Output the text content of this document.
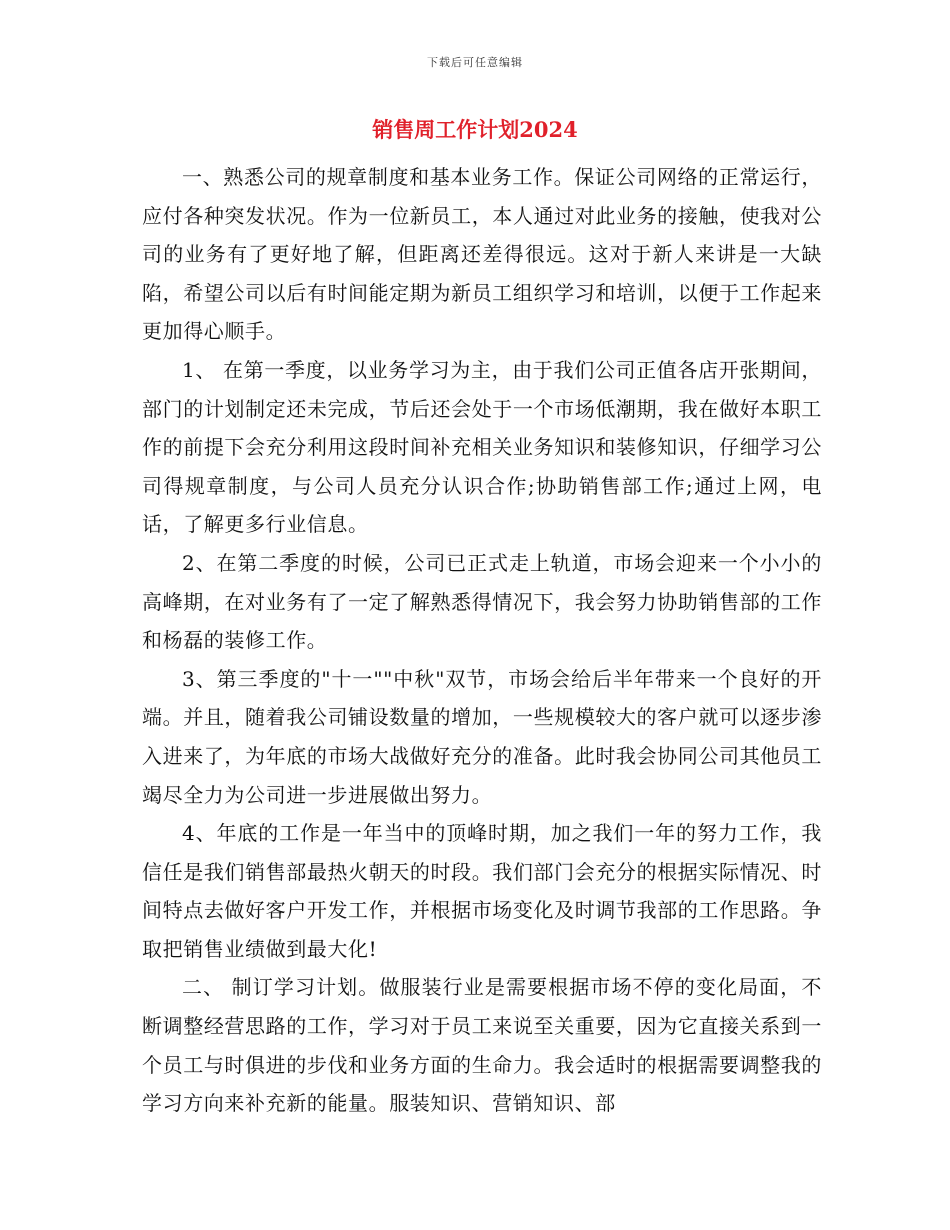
下载后可任意编辑
销售周工作计划2024

一、熟悉公司的规章制度和基本业务工作。保证公司网络的正常运行，应付各种突发状况。作为一位新员工，本人通过对此业务的接触，使我对公司的业务有了更好地了解，但距离还差得很远。这对于新人来讲是一大缺陷，希望公司以后有时间能定期为新员工组织学习和培训，以便于工作起来更加得心顺手。

1、 在第一季度，以业务学习为主，由于我们公司正值各店开张期间，部门的计划制定还未完成，节后还会处于一个市场低潮期，我在做好本职工作的前提下会充分利用这段时间补充相关业务知识和装修知识，仔细学习公司得规章制度，与公司人员充分认识合作;协助销售部工作;通过上网，电话，了解更多行业信息。

2、在第二季度的时候，公司已正式走上轨道，市场会迎来一个小小的高峰期，在对业务有了一定了解熟悉得情况下，我会努力协助销售部的工作和杨磊的装修工作。

3、第三季度的"十一""中秋"双节，市场会给后半年带来一个良好的开端。并且，随着我公司铺设数量的增加，一些规模较大的客户就可以逐步渗入进来了，为年底的市场大战做好充分的准备。此时我会协同公司其他员工竭尽全力为公司进一步进展做出努力。

4、年底的工作是一年当中的顶峰时期，加之我们一年的努力工作，我信任是我们销售部最热火朝天的时段。我们部门会充分的根据实际情况、时间特点去做好客户开发工作，并根据市场变化及时调节我部的工作思路。争取把销售业绩做到最大化!

二、 制订学习计划。做服装行业是需要根据市场不停的变化局面，不断调整经营思路的工作，学习对于员工来说至关重要，因为它直接关系到一个员工与时俱进的步伐和业务方面的生命力。我会适时的根据需要调整我的学习方向来补充新的能量。服装知识、营销知识、部
